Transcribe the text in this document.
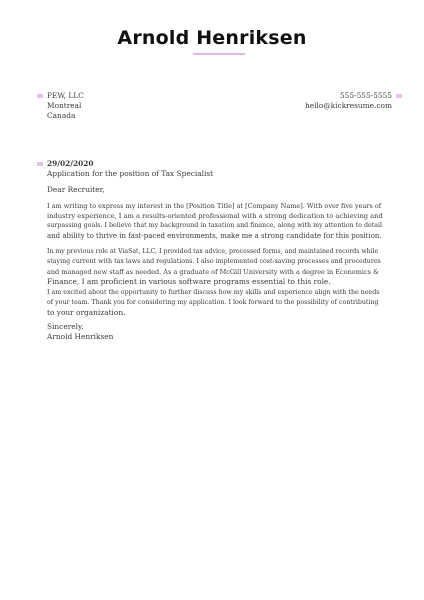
Arnold Henriksen
PEW, LLC
Montreal
Canada
555-555-5555
hello@kickresume.com
29/02/2020
Application for the position of Tax Specialist
Dear Recruiter,
I am writing to express my interest in the [Position Title] at [Company Name]. With over five years of
industry experience, I am a results-oriented professional with a strong dedication to achieving and
surpassing goals. I believe that my background in taxation and finance, along with my attention to detail
and ability to thrive in fast-paced environments, make me a strong candidate for this position.
In my previous role at ViaSat, LLC, I provided tax advice, processed forms, and maintained records while
staying current with tax laws and regulations. I also implemented cost-saving processes and procedures
and managed new staff as needed. As a graduate of McGill University with a degree in Economics &
Finance, I am proficient in various software programs essential to this role.
I am excited about the opportunity to further discuss how my skills and experience align with the needs
of your team. Thank you for considering my application. I look forward to the possibility of contributing
to your organization.
Sincerely,
Arnold Henriksen
